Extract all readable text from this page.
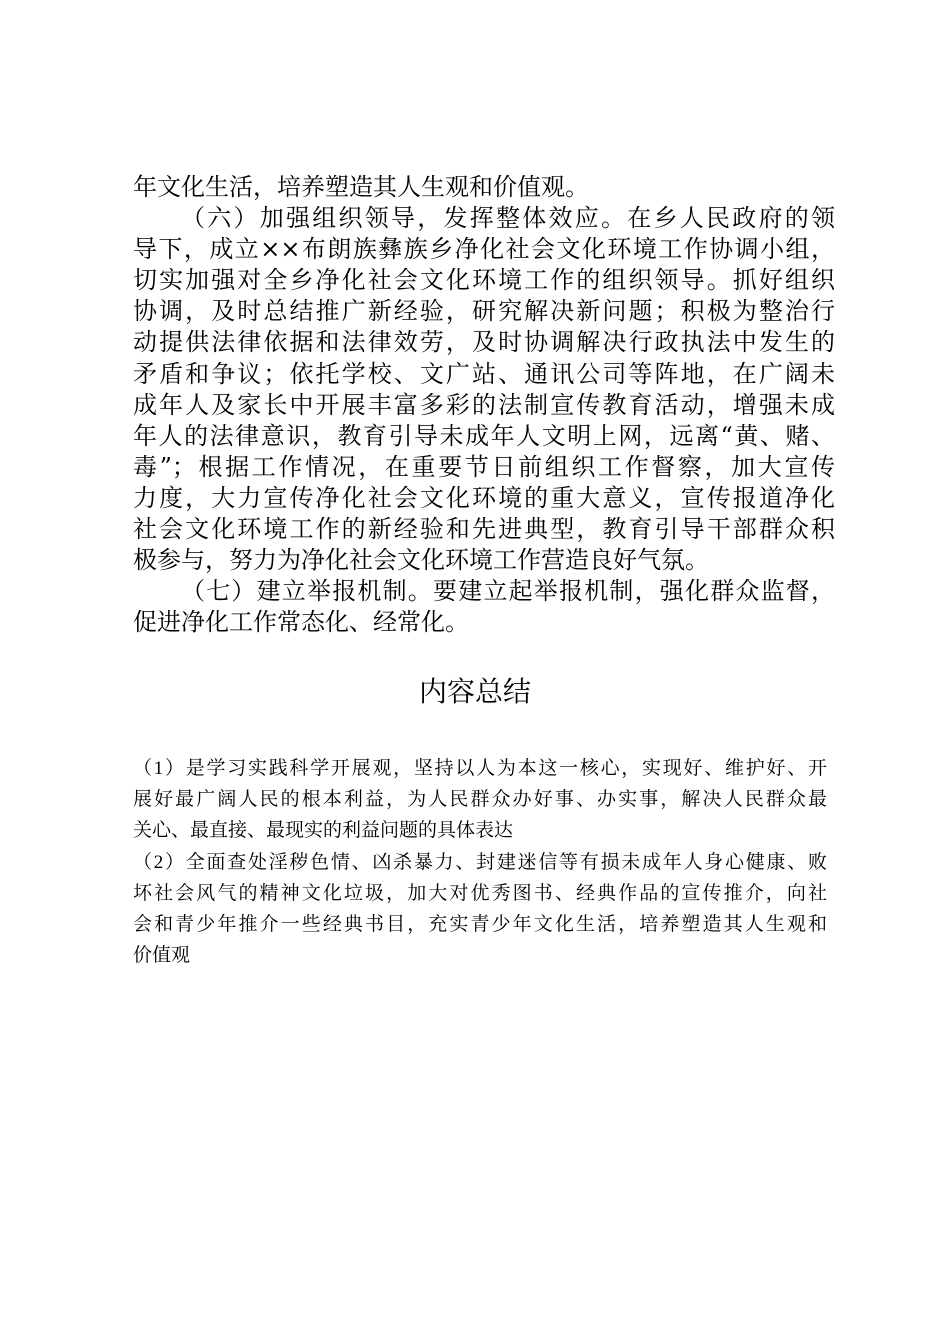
年文化生活，培养塑造其人生观和价值观。
（六）加强组织领导，发挥整体效应。在乡人民政府的领
导下，成立××布朗族彝族乡净化社会文化环境工作协调小组，
切实加强对全乡净化社会文化环境工作的组织领导。抓好组织
协调，及时总结推广新经验，研究解决新问题；积极为整治行
动提供法律依据和法律效劳，及时协调解决行政执法中发生的
矛盾和争议；依托学校、文广站、通讯公司等阵地，在广阔未
成年人及家长中开展丰富多彩的法制宣传教育活动，增强未成
年人的法律意识，教育引导未成年人文明上网，远离“黄、赌、
毒”；根据工作情况，在重要节日前组织工作督察，加大宣传
力度，大力宣传净化社会文化环境的重大意义，宣传报道净化
社会文化环境工作的新经验和先进典型，教育引导干部群众积
极参与，努力为净化社会文化环境工作营造良好气氛。
（七）建立举报机制。要建立起举报机制，强化群众监督，
促进净化工作常态化、经常化。
内容总结
（1）是学习实践科学开展观，坚持以人为本这一核心，实现好、维护好、开
展好最广阔人民的根本利益，为人民群众办好事、办实事，解决人民群众最
关心、最直接、最现实的利益问题的具体表达
（2）全面查处淫秽色情、凶杀暴力、封建迷信等有损未成年人身心健康、败
坏社会风气的精神文化垃圾，加大对优秀图书、经典作品的宣传推介，向社
会和青少年推介一些经典书目，充实青少年文化生活，培养塑造其人生观和
价值观
